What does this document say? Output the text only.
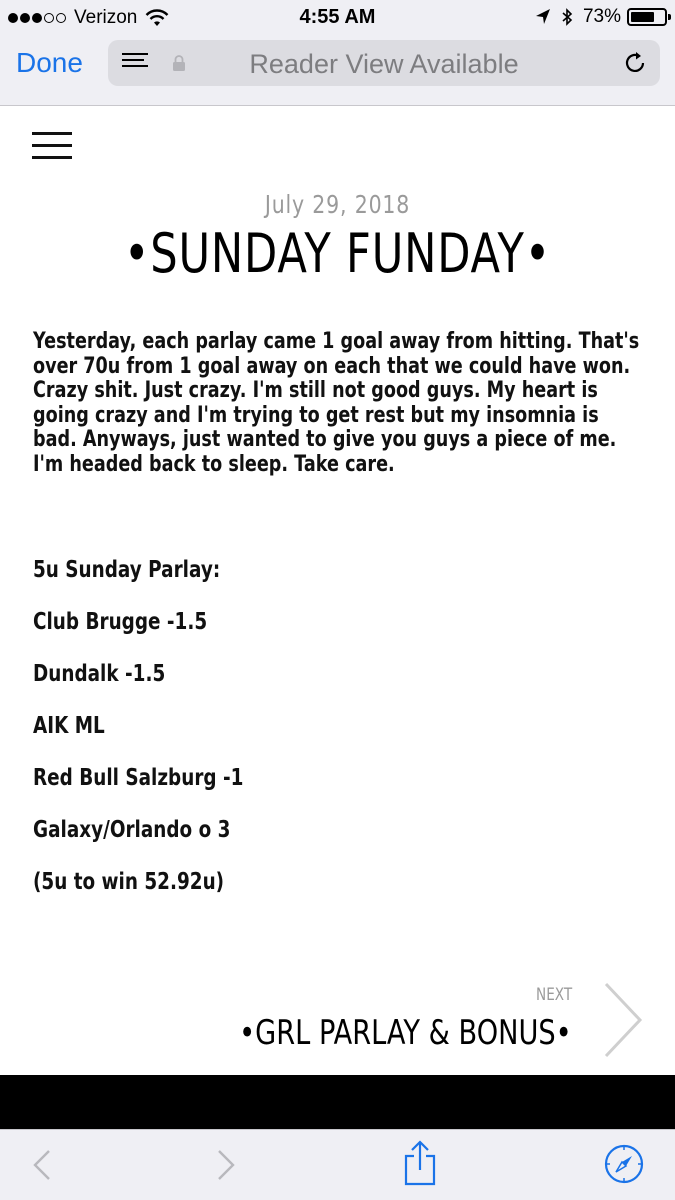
Verizon	4:55 AM	73%
Done	Reader View Available
July 29, 2018
•SUNDAY FUNDAY•
Yesterday, each parlay came 1 goal away from hitting. That's over 70u from 1 goal away on each that we could have won. Crazy shit. Just crazy. I'm still not good guys. My heart is going crazy and I'm trying to get rest but my insomnia is bad. Anyways, just wanted to give you guys a piece of me. I'm headed back to sleep. Take care.
5u Sunday Parlay:
Club Brugge -1.5
Dundalk -1.5
AIK ML
Red Bull Salzburg -1
Galaxy/Orlando o 3
(5u to win 52.92u)
NEXT
•GRL PARLAY & BONUS•
